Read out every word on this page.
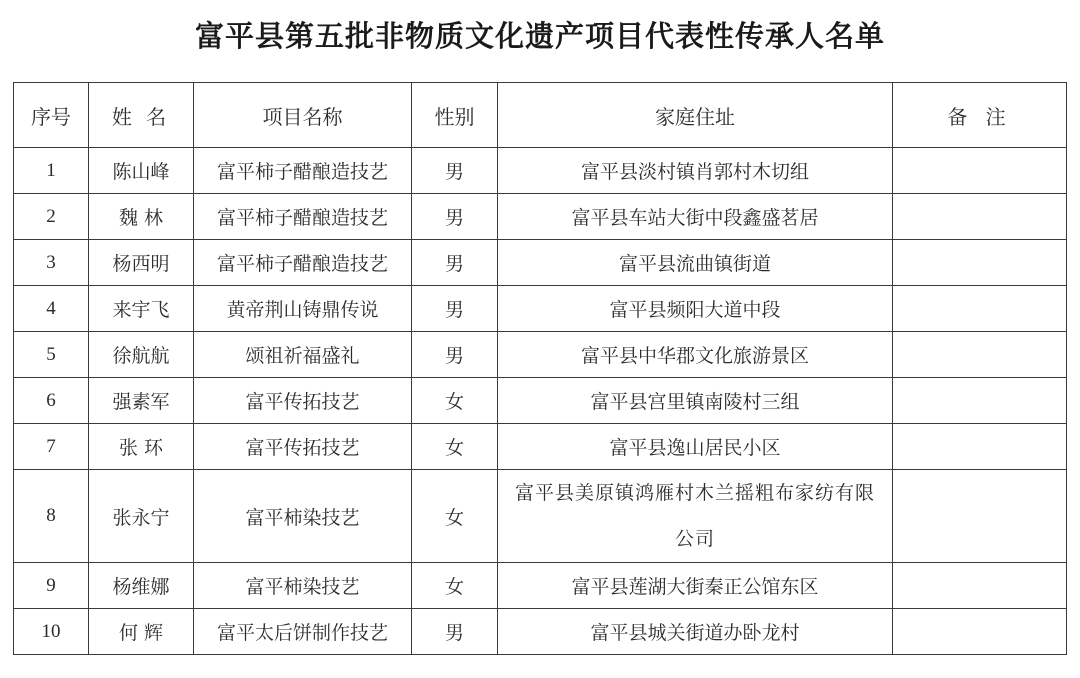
富平县第五批非物质文化遗产项目代表性传承人名单
序号	姓 名	项目名称	性别	家庭住址	备 注
1	陈山峰	富平柿子醋酿造技艺	男	富平县淡村镇肖郭村木切组	
2	魏 林	富平柿子醋酿造技艺	男	富平县车站大街中段鑫盛茗居	
3	杨西明	富平柿子醋酿造技艺	男	富平县流曲镇街道	
4	来宇飞	黄帝荆山铸鼎传说	男	富平县频阳大道中段	
5	徐航航	颂祖祈福盛礼	男	富平县中华郡文化旅游景区	
6	强素军	富平传拓技艺	女	富平县宫里镇南陵村三组	
7	张 环	富平传拓技艺	女	富平县逸山居民小区	
8	张永宁	富平柿染技艺	女	富平县美原镇鸿雁村木兰摇粗布家纺有限公司	

9	杨维娜	富平柿染技艺	女	富平县莲湖大街秦正公馆东区	
10	何 辉	富平太后饼制作技艺	男	富平县城关街道办卧龙村	
